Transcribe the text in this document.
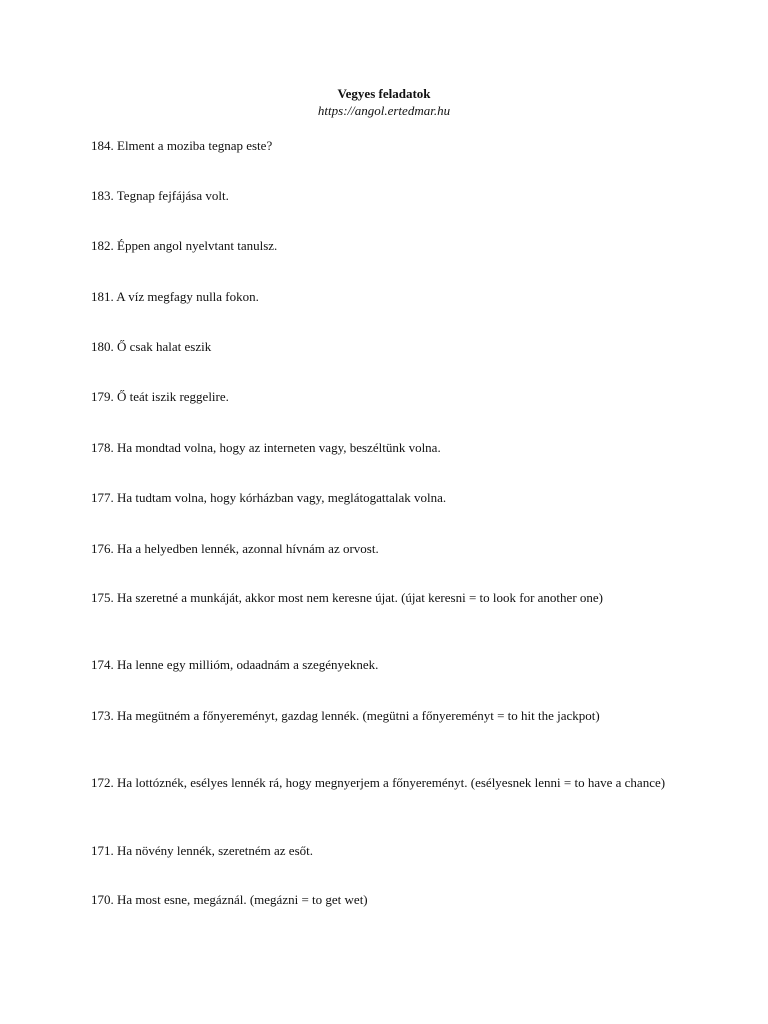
Vegyes feladatok
https://angol.ertedmar.hu
184. Elment a moziba tegnap este?
183. Tegnap fejfájása volt.
182. Éppen angol nyelvtant tanulsz.
181. A víz megfagy nulla fokon.
180. Ő csak halat eszik
179. Ő teát iszik reggelire.
178. Ha mondtad volna, hogy az interneten vagy, beszéltünk volna.
177. Ha tudtam volna, hogy kórházban vagy, meglátogattalak volna.
176. Ha a helyedben lennék, azonnal hívnám az orvost.
175. Ha szeretné a munkáját, akkor most nem keresne újat. (újat keresni = to look for another one)
174. Ha lenne egy millióm, odaadnám a szegényeknek.
173. Ha megütném a főnyereményt, gazdag lennék. (megütni a főnyereményt = to hit the jackpot)
172. Ha lottóznék, esélyes lennék rá, hogy megnyerjem a főnyereményt. (esélyesnek lenni = to have a chance)
171. Ha növény lennék, szeretném az esőt.
170. Ha most esne, megáznál. (megázni = to get wet)
